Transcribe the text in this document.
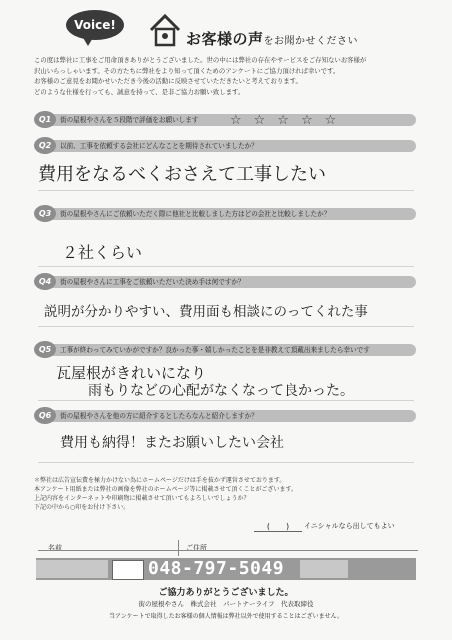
Voice!
お客様の声をお聞かせください

この度は弊社に工事をご用命頂きありがとうございました。世の中には弊社の存在やサービスをご存知ないお客様が

沢山いらっしゃいます。その方たちに弊社をより知って頂くためのアンケートにご協力頂ければ幸いです。

お客様のご意見をお聞かせいただき今後の活動に反映させていただきたいと考えております。

どのような仕様を行っても、誠意を持って、是非ご協力お願い致します。

Q1	街の屋根やさんを５段階で評価をお願いします ☆☆☆☆☆
Q2	以前、工事を依頼する会社にどんなことを期待されていましたか？
費用をなるべくおさえて工事したい
Q3	街の屋根やさんにご依頼いただく際に他社と比較しました方はどの会社と比較しましたか？
２社くらい
Q4	街の屋根やさんに工事をご依頼いただいた決め手は何ですか？
説明が分かりやすい、費用面も相談にのってくれた事
Q5	工事が終わってみていかがですか？良かった事・嬉しかったことを是非教えて頂戴出来ましたら幸いです
瓦屋根がきれいになり
雨もりなどの心配がなくなって良かった。
Q6	街の屋根やさんを他の方に紹介するとしたらなんと紹介しますか？
費用も納得！またお願いしたい会社

＊弊社は広告宣伝費を極力かけない為にホームページだけは手を抜かず運営させております。

本アンケート用紙または弊社の画像を弊社のホームページ等に掲載させて頂くことがございます。

上記内容をインターネットや印刷物に掲載させて頂いてもよろしいでしょうか？

下記の中から○印をお付け下さい。

(　　)	イニシャルなら出してもよい
名前	ご住所
048-797-5049
ご協力ありがとうございました。
街の屋根やさん　株式会社　パートナーライフ　代表取締役
当アンケートで取得したお客様の個人情報は弊社以外で使用することはございません。
